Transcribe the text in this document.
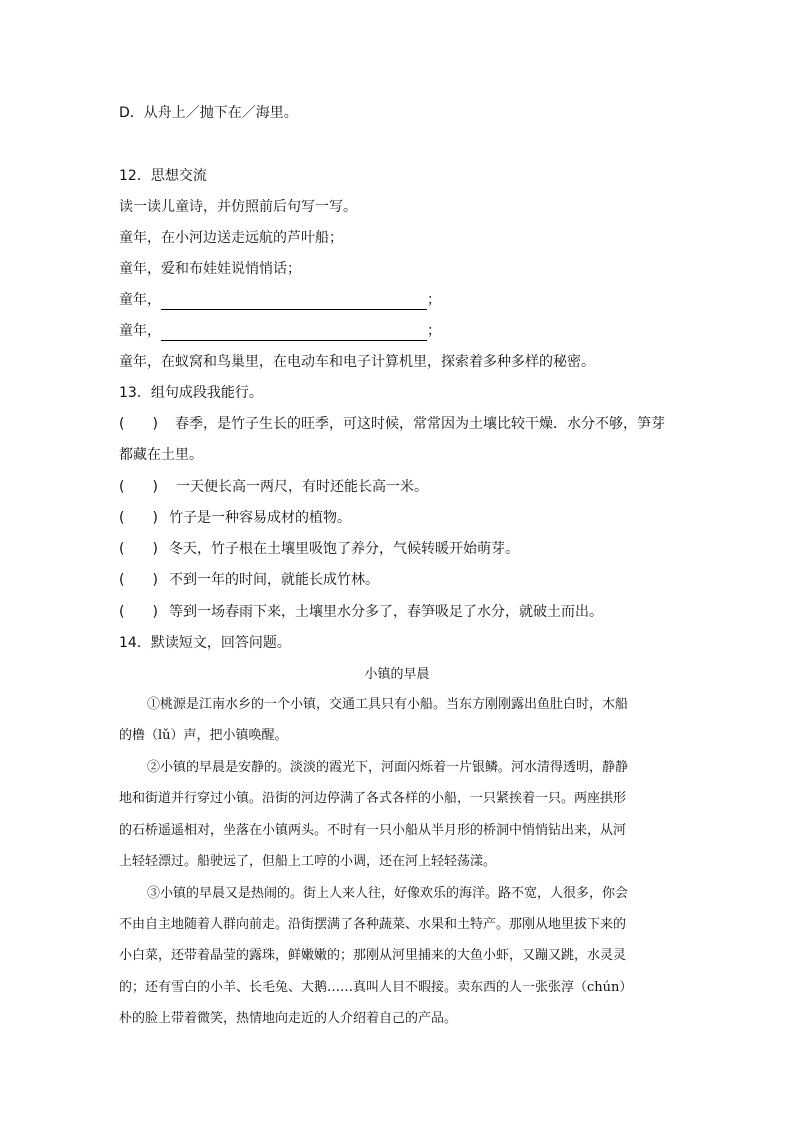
D．从舟上／抛下在／海里。
12．思想交流
读一读儿童诗，并仿照前后句写一写。
童年，在小河边送走远航的芦叶船；
童年，爱和布娃娃说悄悄话；
童年，	；
童年，	；
童年，在蚁窝和鸟巢里，在电动车和电子计算机里，探索着多种多样的秘密。
13．组句成段我能行。
(　　) 春季，是竹子生长的旺季，可这时候，常常因为土壤比较干燥．水分不够，笋芽
都藏在土里。
(　　)一天便长高一两尺，有时还能长高一米。
(　　) 竹子是一种容易成材的植物。
(　　) 冬天，竹子根在土壤里吸饱了养分，气候转暖开始萌芽。
(　　) 不到一年的时间，就能长成竹林。
(　　) 等到一场春雨下来，土壤里水分多了，春笋吸足了水分，就破土而出。
14．默读短文，回答问题。
小镇的早晨
①桃源是江南水乡的一个小镇，交通工具只有小船。当东方刚刚露出鱼肚白时，木船
的橹（lǔ）声，把小镇唤醒。
②小镇的早晨是安静的。淡淡的霞光下，河面闪烁着一片银鳞。河水清得透明，静静
地和街道并行穿过小镇。沿街的河边停满了各式各样的小船，一只紧挨着一只。两座拱形
的石桥遥遥相对，坐落在小镇两头。不时有一只小船从半月形的桥洞中悄悄钻出来，从河
上轻轻漂过。船驶远了，但船上工哼的小调，还在河上轻轻荡漾。
③小镇的早晨又是热闹的。街上人来人往，好像欢乐的海洋。路不宽，人很多，你会
不由自主地随着人群向前走。沿街摆满了各种蔬菜、水果和土特产。那刚从地里拔下来的
小白菜，还带着晶莹的露珠，鲜嫩嫩的；那刚从河里捕来的大鱼小虾，又蹦又跳，水灵灵
的；还有雪白的小羊、长毛兔、大鹅……真叫人目不暇接。卖东西的人一张张淳（chún）
朴的脸上带着微笑，热情地向走近的人介绍着自己的产品。
